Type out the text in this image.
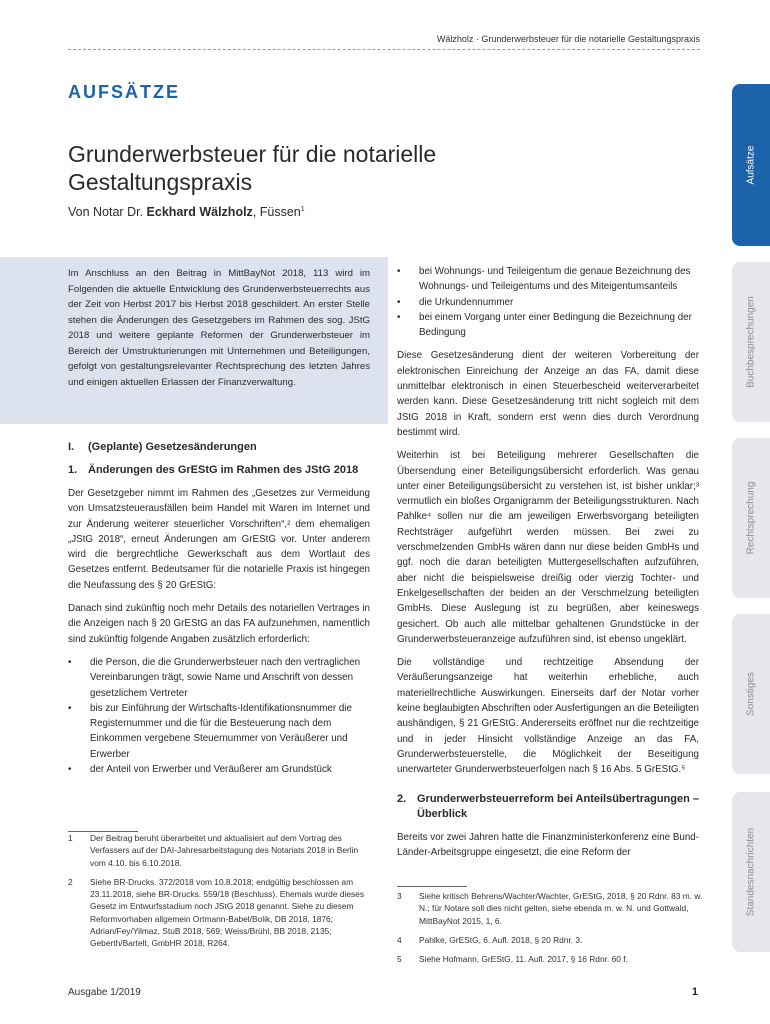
Wälzholz · Grunderwerbsteuer für die notarielle Gestaltungspraxis
AUFSÄTZE
Grunderwerbsteuer für die notarielle
Gestaltungspraxis
Von Notar Dr. Eckhard Wälzholz, Füssen$^1$

Im Anschluss an den Beitrag in MittBayNot 2018, 113 wird im Folgenden die aktuelle Entwicklung des Grunderwerbsteuerrechts aus der Zeit von Herbst 2017 bis Herbst 2018 geschildert. An erster Stelle stehen die Änderungen des Gesetzgebers im Rahmen des sog. JStG 2018 und weitere geplante Reformen der Grunderwerbsteuer im Bereich der Umstrukturierungen mit Unternehmen und Beteiligungen, gefolgt von gestaltungsrelevanter Rechtsprechung des letzten Jahres und einigen aktuellen Erlassen der Finanzverwaltung.

I.	(Geplante) Gesetzesänderungen
1. Änderungen des GrEStG im Rahmen des JStG 2018

Der Gesetzgeber nimmt im Rahmen des „Gesetzes zur Vermeidung von Umsatzsteuerausfällen beim Handel mit Waren im Internet und zur Änderung weiterer steuerlicher Vorschriften“,² dem ehemaligen „JStG 2018“, erneut Änderungen am GrEStG vor. Unter anderem wird die bergrechtliche Gewerkschaft aus dem Wortlaut des Gesetzes entfernt. Bedeutsamer für die notarielle Praxis ist hingegen die Neufassung des § 20 GrEStG:

Danach sind zukünftig noch mehr Details des notariellen Vertrages in die Anzeigen nach § 20 GrEStG an das FA aufzunehmen, namentlich sind zukünftig folgende Angaben zusätzlich erforderlich:

• die Person, die die Grunderwerbsteuer nach den vertraglichen Vereinbarungen trägt, sowie Name und Anschrift von dessen gesetzlichem Vertreter
• bis zur Einführung der Wirtschafts-Identifikationsnummer die Registernummer und die für die Besteuerung nach dem Einkommen vergebene Steuernummer von Veräußerer und Erwerber
• der Anteil von Erwerber und Veräußerer am Grundstück
• bei Wohnungs- und Teileigentum die genaue Bezeichnung des Wohnungs- und Teileigentums und des Miteigentumsanteils
• die Urkundennummer
• bei einem Vorgang unter einer Bedingung die Bezeichnung der Bedingung

Diese Gesetzesänderung dient der weiteren Vorbereitung der elektronischen Einreichung der Anzeige an das FA, damit diese unmittelbar elektronisch in einen Steuerbescheid weiterverarbeitet werden kann. Diese Gesetzesänderung tritt nicht sogleich mit dem JStG 2018 in Kraft, sondern erst wenn dies durch Verordnung bestimmt wird.

Weiterhin ist bei Beteiligung mehrerer Gesellschaften die Übersendung einer Beteiligungsübersicht erforderlich. Was genau unter einer Beteiligungsübersicht zu verstehen ist, ist bisher unklar;³ vermutlich ein bloßes Organigramm der Beteiligungsstrukturen. Nach Pahlke⁴ sollen nur die am jeweiligen Erwerbsvorgang beteiligten Rechtsträger aufgeführt werden müssen. Bei zwei zu verschmelzenden GmbHs wären dann nur diese beiden GmbHs und ggf. noch die daran beteiligten Muttergesellschaften aufzuführen, aber nicht die beispielsweise dreißig oder vierzig Tochter- und Enkelgesellschaften der beiden an der Verschmelzung beteiligten GmbHs. Diese Auslegung ist zu begrüßen, aber keineswegs gesichert. Ob auch alle mittelbar gehaltenen Grundstücke in der Grunderwerbsteueranzeige aufzuführen sind, ist ebenso ungeklärt.

Die vollständige und rechtzeitige Absendung der Veräußerungsanzeige hat weiterhin erhebliche, auch materiellrechtliche Auswirkungen. Einerseits darf der Notar vorher keine beglaubigten Abschriften oder Ausfertigungen an die Beteiligten aushändigen, § 21 GrEStG. Andererseits eröffnet nur die rechtzeitige und in jeder Hinsicht vollständige Anzeige an das FA, Grunderwerbsteuerstelle, die Möglichkeit der Beseitigung unerwarteter Grunderwerbsteuerfolgen nach § 16 Abs. 5 GrEStG.⁵

2. Grunderwerbsteuerreform bei Anteilsübertragungen – Überblick

Bereits vor zwei Jahren hatte die Finanzministerkonferenz eine Bund-Länder-Arbeitsgruppe eingesetzt, die eine Reform der

1	Der Beitrag beruht überarbeitet und aktualisiert auf dem Vortrag des Verfassers auf der DAI-Jahresarbeitstagung des Notariats 2018 in Berlin vom 4.10. bis 6.10.2018.
2	Siehe BR-Drucks. 372/2018 vom 10.8.2018; endgültig beschlossen am 23.11.2018, siehe BR-Drucks. 559/18 (Beschluss). Ehemals wurde dieses Gesetz im Entwurfsstadium noch JStG 2018 genannt. Siehe zu diesem Reformvorhaben allgemein Ortmann-Babel/Bolik, DB 2018, 1876; Adrian/Fey/Yilmaz, StuB 2018, 569; Weiss/Brühl, BB 2018, 2135; Geberth/Bartelt, GmbHR 2018, R264.
3	Siehe kritisch Behrens/Wachter/Wachter, GrEStG, 2018, § 20 Rdnr. 83 m. w. N.; für Notare soll dies nicht gelten, siehe ebenda m. w. N. und Gottwald, MittBayNot 2015, 1, 6.
4	Pahlke, GrEStG, 6. Aufl. 2018, § 20 Rdnr. 3.
5	Siehe Hofmann, GrEStG, 11. Aufl. 2017, § 16 Rdnr. 60 f.
Ausgabe 1/2019	1
Aufsätze
Buchbesprechungen
Rechtsprechung
Sonstiges
Standesnachrichten
